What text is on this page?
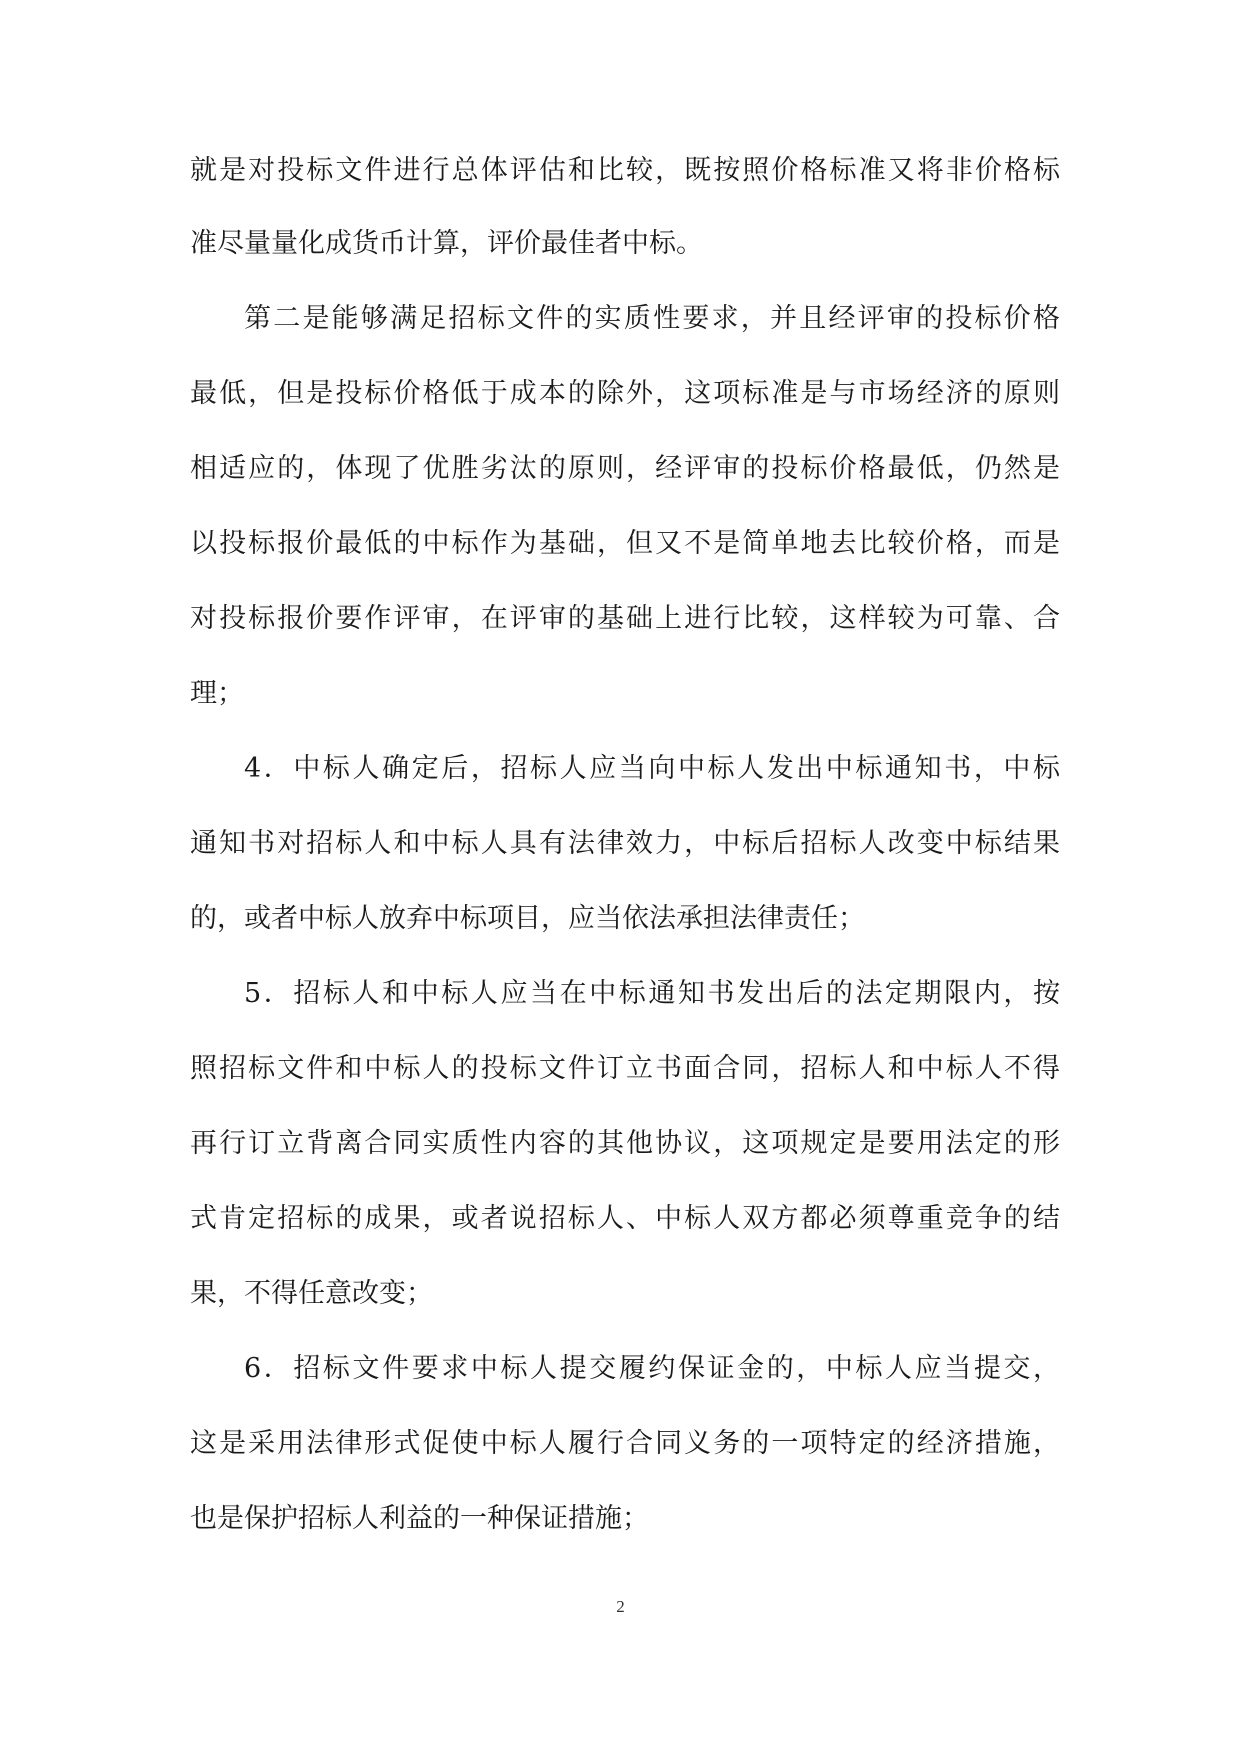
就是对投标文件进行总体评估和比较，既按照价格标准又将非价格标
准尽量量化成货币计算，评价最佳者中标。
第二是能够满足招标文件的实质性要求，并且经评审的投标价格
最低，但是投标价格低于成本的除外，这项标准是与市场经济的原则
相适应的，体现了优胜劣汰的原则，经评审的投标价格最低，仍然是
以投标报价最低的中标作为基础，但又不是简单地去比较价格，而是
对投标报价要作评审，在评审的基础上进行比较，这样较为可靠、合
理；
4．中标人确定后，招标人应当向中标人发出中标通知书，中标
通知书对招标人和中标人具有法律效力，中标后招标人改变中标结果
的，或者中标人放弃中标项目，应当依法承担法律责任；
5．招标人和中标人应当在中标通知书发出后的法定期限内，按
照招标文件和中标人的投标文件订立书面合同，招标人和中标人不得
再行订立背离合同实质性内容的其他协议，这项规定是要用法定的形
式肯定招标的成果，或者说招标人、中标人双方都必须尊重竞争的结
果，不得任意改变；
6．招标文件要求中标人提交履约保证金的，中标人应当提交，
这是采用法律形式促使中标人履行合同义务的一项特定的经济措施，
也是保护招标人利益的一种保证措施；
2
